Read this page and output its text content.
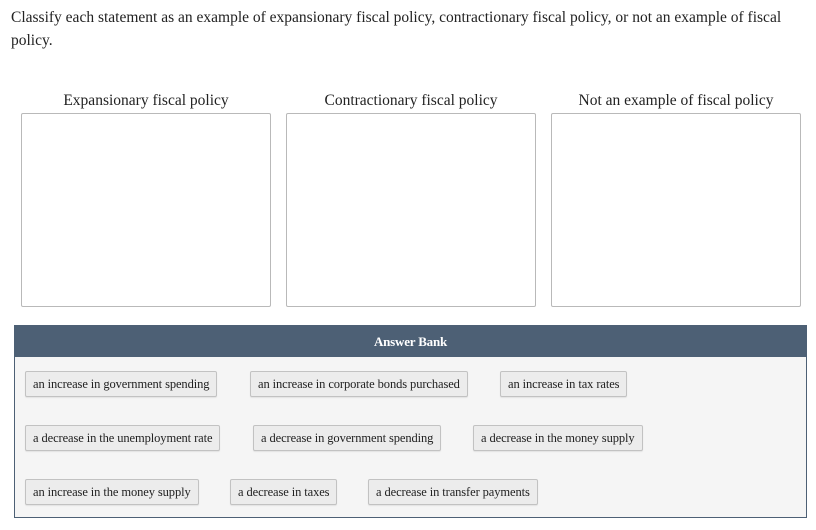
Classify each statement as an example of expansionary fiscal policy, contractionary fiscal policy, or not an example of fiscal policy.
Expansionary fiscal policy	Contractionary fiscal policy	Not an example of fiscal policy
Answer Bank
an increase in government spending	an increase in corporate bonds purchased	an increase in tax rates
a decrease in the unemployment rate	a decrease in government spending	a decrease in the money supply
an increase in the money supply	a decrease in taxes	a decrease in transfer payments
